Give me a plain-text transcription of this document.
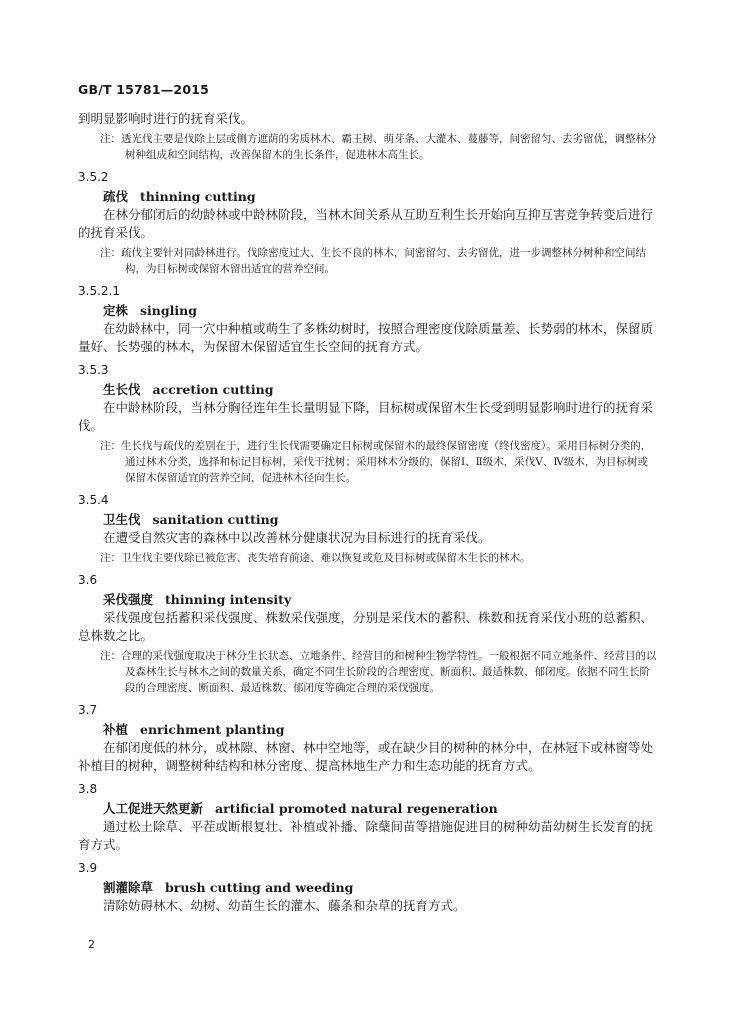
GB/T 15781—2015

到明显影响时进行的抚育采伐。

注：透光伐主要是伐除上层或侧方遮荫的劣质林木、霸王树、萌芽条、大灌木、蔓藤等，间密留匀、去劣留优，调整林分树种组成和空间结构，改善保留木的生长条件，促进林木高生长。

3.5.2

疏伐 thinning cutting

在林分郁闭后的幼龄林或中龄林阶段，当林木间关系从互助互利生长开始向互抑互害竞争转变后进行的抚育采伐。

注：疏伐主要针对同龄林进行。伐除密度过大、生长不良的林木，间密留匀、去劣留优，进一步调整林分树种和空间结构，为目标树或保留木留出适宜的营养空间。

3.5.2.1

定株 singling

在幼龄林中，同一穴中种植或萌生了多株幼树时，按照合理密度伐除质量差、长势弱的林木，保留质量好、长势强的林木，为保留木保留适宜生长空间的抚育方式。

3.5.3

生长伐 accretion cutting

在中龄林阶段，当林分胸径连年生长量明显下降，目标树或保留木生长受到明显影响时进行的抚育采伐。

注：生长伐与疏伐的差别在于，进行生长伐需要确定目标树或保留木的最终保留密度（终伐密度）。采用目标树分类的，通过林木分类，选择和标记目标树，采伐干扰树；采用林木分级的，保留Ⅰ、Ⅱ级木，采伐Ⅴ、Ⅳ级木，为目标树或保留木保留适宜的营养空间，促进林木径向生长。

3.5.4

卫生伐 sanitation cutting

在遭受自然灾害的森林中以改善林分健康状况为目标进行的抚育采伐。

注：卫生伐主要伐除已被危害、丧失培育前途、难以恢复或危及目标树或保留木生长的林木。

3.6

采伐强度 thinning intensity

采伐强度包括蓄积采伐强度、株数采伐强度，分别是采伐木的蓄积、株数和抚育采伐小班的总蓄积、总株数之比。

注：合理的采伐强度取决于林分生长状态、立地条件、经营目的和树种生物学特性。一般根据不同立地条件、经营目的以及森林生长与林木之间的数量关系，确定不同生长阶段的合理密度、断面积、最适株数、郁闭度。依据不同生长阶段的合理密度、断面积、最适株数、郁闭度等确定合理的采伐强度。

3.7

补植 enrichment planting

在郁闭度低的林分，或林隙、林窗、林中空地等，或在缺少目的树种的林分中，在林冠下或林窗等处补植目的树种，调整树种结构和林分密度、提高林地生产力和生态功能的抚育方式。

3.8

人工促进天然更新 artificial promoted natural regeneration

通过松土除草、平茬或断根复壮、补植或补播、除蘖间苗等措施促进目的树种幼苗幼树生长发育的抚育方式。

3.9

割灌除草 brush cutting and weeding

清除妨碍林木、幼树、幼苗生长的灌木、藤条和杂草的抚育方式。

2
